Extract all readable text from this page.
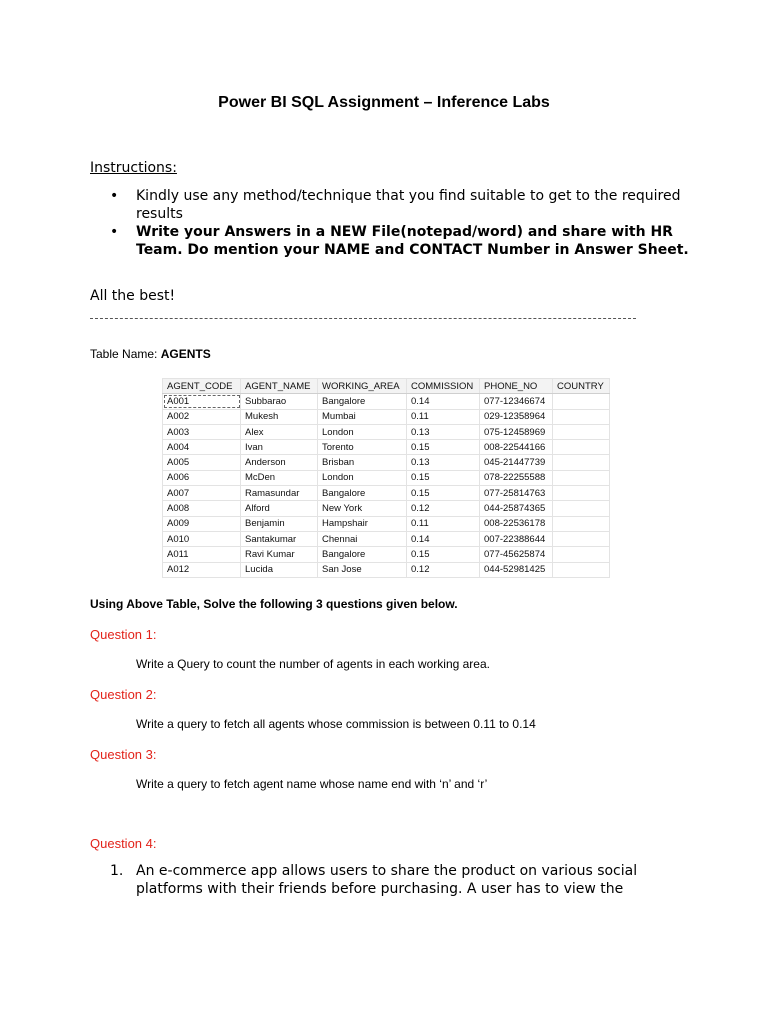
Power BI SQL Assignment – Inference Labs
Instructions:
•	Kindly use any method/technique that you find suitable to get to the required results
•	Write your Answers in a NEW File(notepad/word) and share with HR Team. Do mention your NAME and CONTACT Number in Answer Sheet.
All the best!
Table Name: AGENTS
AGENT_CODE	AGENT_NAME	WORKING_AREA	COMMISSION	PHONE_NO	COUNTRY
A001	Subbarao	Bangalore	0.14	077-12346674	
A002	Mukesh	Mumbai	0.11	029-12358964	
A003	Alex	London	0.13	075-12458969	
A004	Ivan	Torento	0.15	008-22544166	
A005	Anderson	Brisban	0.13	045-21447739	
A006	McDen	London	0.15	078-22255588	
A007	Ramasundar	Bangalore	0.15	077-25814763	
A008	Alford	New York	0.12	044-25874365	
A009	Benjamin	Hampshair	0.11	008-22536178	
A010	Santakumar	Chennai	0.14	007-22388644	
A011	Ravi Kumar	Bangalore	0.15	077-45625874	
A012	Lucida	San Jose	0.12	044-52981425	
Using Above Table, Solve the following 3 questions given below.
Question 1:
Write a Query to count the number of agents in each working area.
Question 2:
Write a query to fetch all agents whose commission is between 0.11 to 0.14
Question 3:
Write a query to fetch agent name whose name end with ‘n’ and ‘r’
Question 4:
1. An e-commerce app allows users to share the product on various social platforms with their friends before purchasing. A user has to view the
